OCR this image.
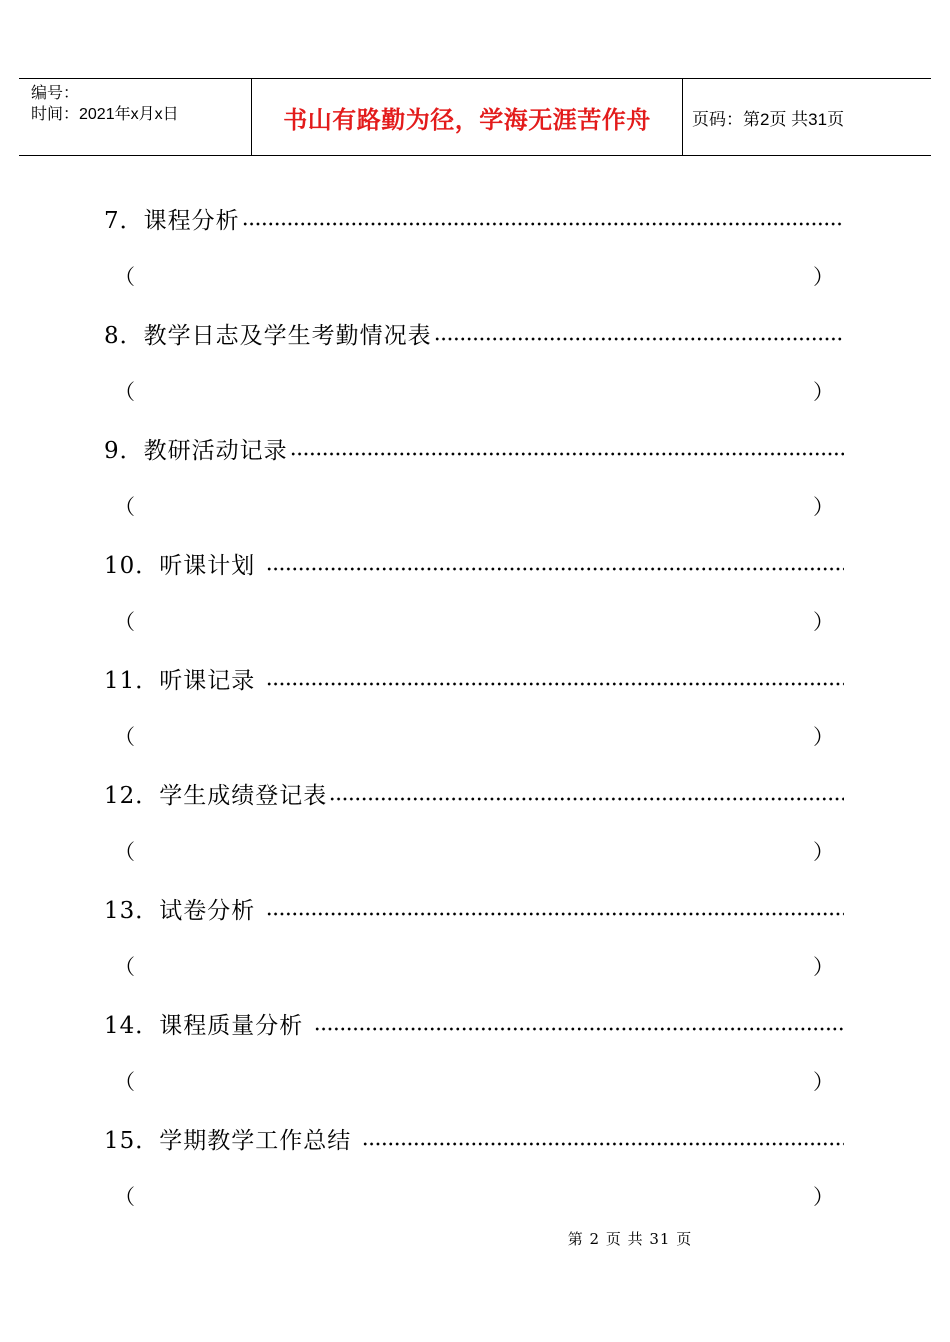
编号：
时间：2021年x月x日	书山有路勤为径，学海无涯苦作舟	页码：第2页 共31页
7．课程分析
（	）
8．教学日志及学生考勤情况表
（	）
9．教研活动记录
（	）
10．听课计划
（	）
11．听课记录
（	）
12．学生成绩登记表
（	）
13．试卷分析
（	）
14．课程质量分析
（	）
15．学期教学工作总结
（	）
第 2 页 共 31 页
